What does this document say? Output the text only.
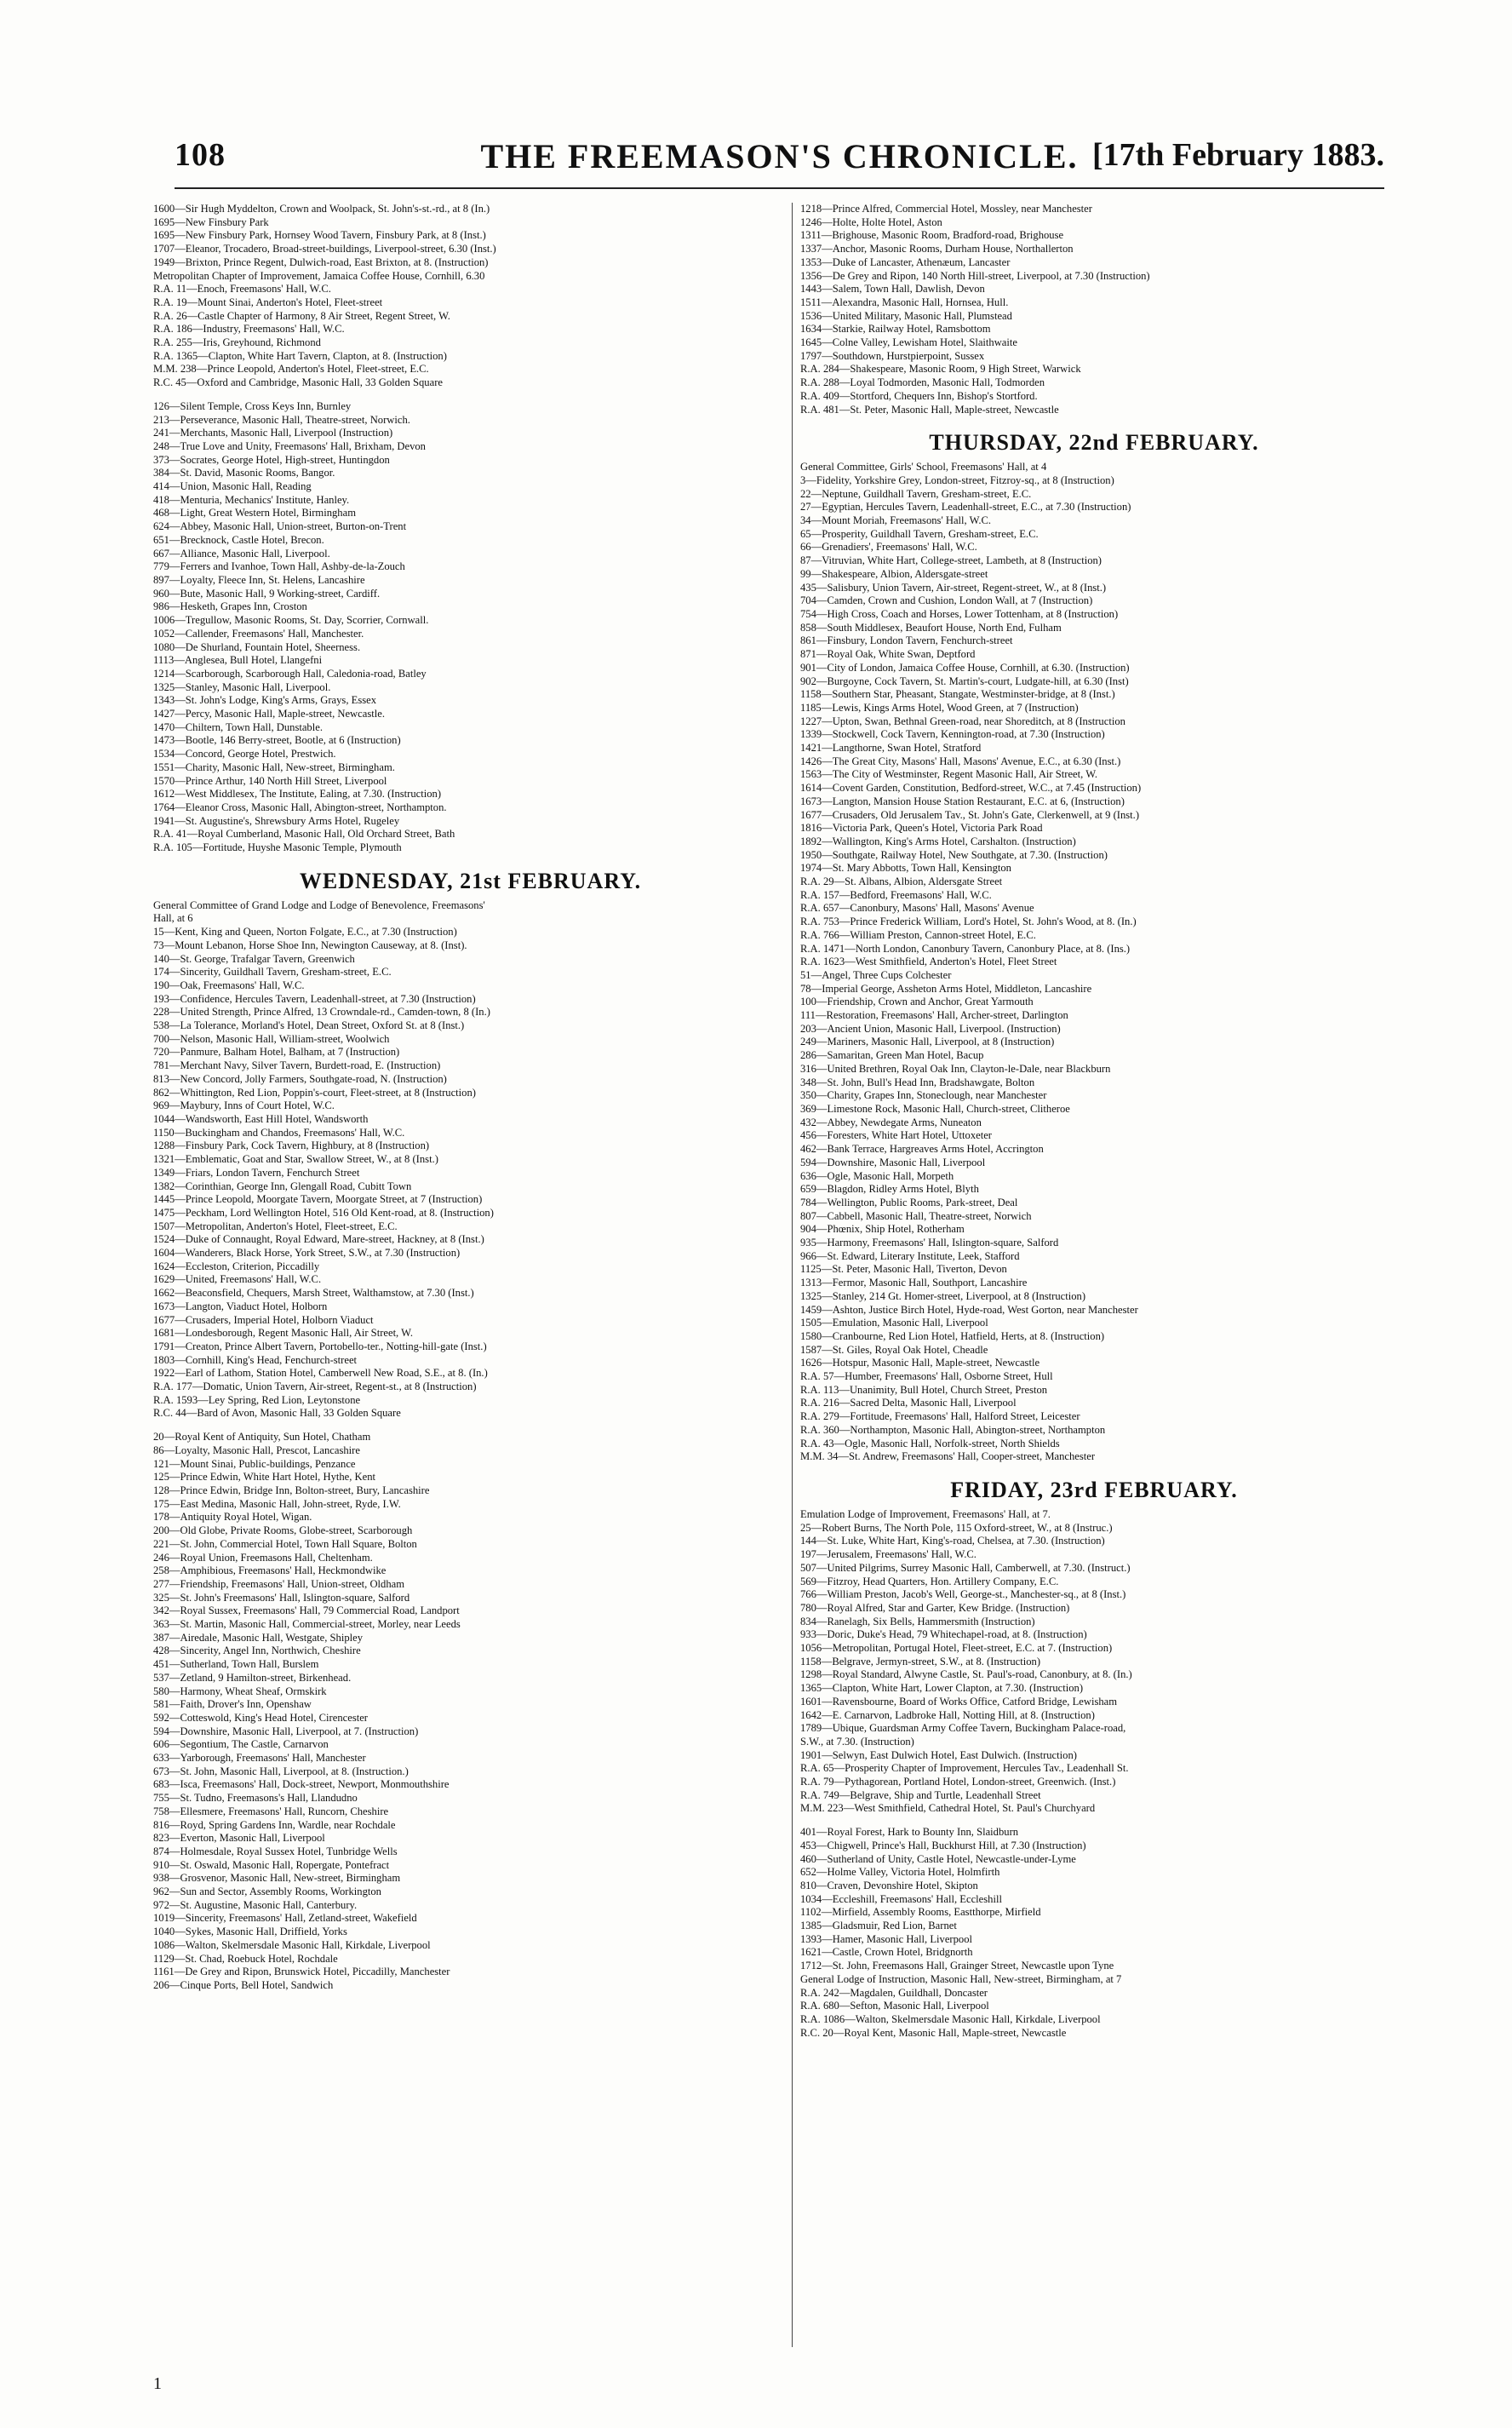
108	THE FREEMASON'S CHRONICLE. [17th February 1883.
1600—Sir Hugh Myddelton, Crown and Woolpack, St. John's-st.-rd., at 8 (In.)
1695—New Finsbury Park
1695—New Finsbury Park, Hornsey Wood Tavern, Finsbury Park, at 8 (Inst.)
1707—Eleanor, Trocadero, Broad-street-buildings, Liverpool-street, 6.30 (Inst.)
1949—Brixton, Prince Regent, Dulwich-road, East Brixton, at 8. (Instruction)
Metropolitan Chapter of Improvement, Jamaica Coffee House, Cornhill, 6.30
R.A. 11—Enoch, Freemasons' Hall, W.C.
R.A. 19—Mount Sinai, Anderton's Hotel, Fleet-street
R.A. 26—Castle Chapter of Harmony, 8 Air Street, Regent Street, W.
R.A. 186—Industry, Freemasons' Hall, W.C.
R.A. 255—Iris, Greyhound, Richmond
R.A. 1365—Clapton, White Hart Tavern, Clapton, at 8. (Instruction)
M.M. 238—Prince Leopold, Anderton's Hotel, Fleet-street, E.C.
R.C. 45—Oxford and Cambridge, Masonic Hall, 33 Golden Square
126—Silent Temple, Cross Keys Inn, Burnley
213—Perseverance, Masonic Hall, Theatre-street, Norwich.
241—Merchants, Masonic Hall, Liverpool (Instruction)
248—True Love and Unity, Freemasons' Hall, Brixham, Devon
373—Socrates, George Hotel, High-street, Huntingdon
384—St. David, Masonic Rooms, Bangor.
414—Union, Masonic Hall, Reading
418—Menturia, Mechanics' Institute, Hanley.
468—Light, Great Western Hotel, Birmingham
624—Abbey, Masonic Hall, Union-street, Burton-on-Trent
651—Brecknock, Castle Hotel, Brecon.
667—Alliance, Masonic Hall, Liverpool.
779—Ferrers and Ivanhoe, Town Hall, Ashby-de-la-Zouch
897—Loyalty, Fleece Inn, St. Helens, Lancashire
960—Bute, Masonic Hall, 9 Working-street, Cardiff.
986—Hesketh, Grapes Inn, Croston
1006—Tregullow, Masonic Rooms, St. Day, Scorrier, Cornwall.
1052—Callender, Freemasons' Hall, Manchester.
1080—De Shurland, Fountain Hotel, Sheerness.
1113—Anglesea, Bull Hotel, Llangefni
1214—Scarborough, Scarborough Hall, Caledonia-road, Batley
1325—Stanley, Masonic Hall, Liverpool.
1343—St. John's Lodge, King's Arms, Grays, Essex
1427—Percy, Masonic Hall, Maple-street, Newcastle.
1470—Chiltern, Town Hall, Dunstable.
1473—Bootle, 146 Berry-street, Bootle, at 6 (Instruction)
1534—Concord, George Hotel, Prestwich.
1551—Charity, Masonic Hall, New-street, Birmingham.
1570—Prince Arthur, 140 North Hill Street, Liverpool
1612—West Middlesex, The Institute, Ealing, at 7.30. (Instruction)
1764—Eleanor Cross, Masonic Hall, Abington-street, Northampton.
1941—St. Augustine's, Shrewsbury Arms Hotel, Rugeley
R.A. 41—Royal Cumberland, Masonic Hall, Old Orchard Street, Bath
R.A. 105—Fortitude, Huyshe Masonic Temple, Plymouth
WEDNESDAY, 21st FEBRUARY.
General Committee of Grand Lodge and Lodge of Benevolence, Freemasons'
Hall, at 6
15—Kent, King and Queen, Norton Folgate, E.C., at 7.30 (Instruction)
73—Mount Lebanon, Horse Shoe Inn, Newington Causeway, at 8. (Inst).
140—St. George, Trafalgar Tavern, Greenwich
174—Sincerity, Guildhall Tavern, Gresham-street, E.C.
190—Oak, Freemasons' Hall, W.C.
193—Confidence, Hercules Tavern, Leadenhall-street, at 7.30 (Instruction)
228—United Strength, Prince Alfred, 13 Crowndale-rd., Camden-town, 8 (In.)
538—La Tolerance, Morland's Hotel, Dean Street, Oxford St. at 8 (Inst.)
700—Nelson, Masonic Hall, William-street, Woolwich
720—Panmure, Balham Hotel, Balham, at 7 (Instruction)
781—Merchant Navy, Silver Tavern, Burdett-road, E. (Instruction)
813—New Concord, Jolly Farmers, Southgate-road, N. (Instruction)
862—Whittington, Red Lion, Poppin's-court, Fleet-street, at 8 (Instruction)
969—Maybury, Inns of Court Hotel, W.C.
1044—Wandsworth, East Hill Hotel, Wandsworth
1150—Buckingham and Chandos, Freemasons' Hall, W.C.
1288—Finsbury Park, Cock Tavern, Highbury, at 8 (Instruction)
1321—Emblematic, Goat and Star, Swallow Street, W., at 8 (Inst.)
1349—Friars, London Tavern, Fenchurch Street
1382—Corinthian, George Inn, Glengall Road, Cubitt Town
1445—Prince Leopold, Moorgate Tavern, Moorgate Street, at 7 (Instruction)
1475—Peckham, Lord Wellington Hotel, 516 Old Kent-road, at 8. (Instruction)
1507—Metropolitan, Anderton's Hotel, Fleet-street, E.C.
1524—Duke of Connaught, Royal Edward, Mare-street, Hackney, at 8 (Inst.)
1604—Wanderers, Black Horse, York Street, S.W., at 7.30 (Instruction)
1624—Eccleston, Criterion, Piccadilly
1629—United, Freemasons' Hall, W.C.
1662—Beaconsfield, Chequers, Marsh Street, Walthamstow, at 7.30 (Inst.)
1673—Langton, Viaduct Hotel, Holborn
1677—Crusaders, Imperial Hotel, Holborn Viaduct
1681—Londesborough, Regent Masonic Hall, Air Street, W.
1791—Creaton, Prince Albert Tavern, Portobello-ter., Notting-hill-gate (Inst.)
1803—Cornhill, King's Head, Fenchurch-street
1922—Earl of Lathom, Station Hotel, Camberwell New Road, S.E., at 8. (In.)
R.A. 177—Domatic, Union Tavern, Air-street, Regent-st., at 8 (Instruction)
R.A. 1593—Ley Spring, Red Lion, Leytonstone
R.C. 44—Bard of Avon, Masonic Hall, 33 Golden Square
20—Royal Kent of Antiquity, Sun Hotel, Chatham
86—Loyalty, Masonic Hall, Prescot, Lancashire
121—Mount Sinai, Public-buildings, Penzance
125—Prince Edwin, White Hart Hotel, Hythe, Kent
128—Prince Edwin, Bridge Inn, Bolton-street, Bury, Lancashire
175—East Medina, Masonic Hall, John-street, Ryde, I.W.
178—Antiquity Royal Hotel, Wigan.
200—Old Globe, Private Rooms, Globe-street, Scarborough
221—St. John, Commercial Hotel, Town Hall Square, Bolton
246—Royal Union, Freemasons Hall, Cheltenham.
258—Amphibious, Freemasons' Hall, Heckmondwike
277—Friendship, Freemasons' Hall, Union-street, Oldham
325—St. John's Freemasons' Hall, Islington-square, Salford
342—Royal Sussex, Freemasons' Hall, 79 Commercial Road, Landport
363—St. Martin, Masonic Hall, Commercial-street, Morley, near Leeds
387—Airedale, Masonic Hall, Westgate, Shipley
428—Sincerity, Angel Inn, Northwich, Cheshire
451—Sutherland, Town Hall, Burslem
537—Zetland, 9 Hamilton-street, Birkenhead.
580—Harmony, Wheat Sheaf, Ormskirk
581—Faith, Drover's Inn, Openshaw
592—Cotteswold, King's Head Hotel, Cirencester
594—Downshire, Masonic Hall, Liverpool, at 7. (Instruction)
606—Segontium, The Castle, Carnarvon
633—Yarborough, Freemasons' Hall, Manchester
673—St. John, Masonic Hall, Liverpool, at 8. (Instruction.)
683—Isca, Freemasons' Hall, Dock-street, Newport, Monmouthshire
755—St. Tudno, Freemasons's Hall, Llandudno
758—Ellesmere, Freemasons' Hall, Runcorn, Cheshire
816—Royd, Spring Gardens Inn, Wardle, near Rochdale
823—Everton, Masonic Hall, Liverpool
874—Holmesdale, Royal Sussex Hotel, Tunbridge Wells
910—St. Oswald, Masonic Hall, Ropergate, Pontefract
938—Grosvenor, Masonic Hall, New-street, Birmingham
962—Sun and Sector, Assembly Rooms, Workington
972—St. Augustine, Masonic Hall, Canterbury.
1019—Sincerity, Freemasons' Hall, Zetland-street, Wakefield
1040—Sykes, Masonic Hall, Driffield, Yorks
1086—Walton, Skelmersdale Masonic Hall, Kirkdale, Liverpool
1129—St. Chad, Roebuck Hotel, Rochdale
1161—De Grey and Ripon, Brunswick Hotel, Piccadilly, Manchester
206—Cinque Ports, Bell Hotel, Sandwich
1218—Prince Alfred, Commercial Hotel, Mossley, near Manchester
1246—Holte, Holte Hotel, Aston
1311—Brighouse, Masonic Room, Bradford-road, Brighouse
1337—Anchor, Masonic Rooms, Durham House, Northallerton
1353—Duke of Lancaster, Athenæum, Lancaster
1356—De Grey and Ripon, 140 North Hill-street, Liverpool, at 7.30 (Instruction)
1443—Salem, Town Hall, Dawlish, Devon
1511—Alexandra, Masonic Hall, Hornsea, Hull.
1536—United Military, Masonic Hall, Plumstead
1634—Starkie, Railway Hotel, Ramsbottom
1645—Colne Valley, Lewisham Hotel, Slaithwaite
1797—Southdown, Hurstpierpoint, Sussex
R.A. 284—Shakespeare, Masonic Room, 9 High Street, Warwick
R.A. 288—Loyal Todmorden, Masonic Hall, Todmorden
R.A. 409—Stortford, Chequers Inn, Bishop's Stortford.
R.A. 481—St. Peter, Masonic Hall, Maple-street, Newcastle
THURSDAY, 22nd FEBRUARY.
General Committee, Girls' School, Freemasons' Hall, at 4
3—Fidelity, Yorkshire Grey, London-street, Fitzroy-sq., at 8 (Instruction)
22—Neptune, Guildhall Tavern, Gresham-street, E.C.
27—Egyptian, Hercules Tavern, Leadenhall-street, E.C., at 7.30 (Instruction)
34—Mount Moriah, Freemasons' Hall, W.C.
65—Prosperity, Guildhall Tavern, Gresham-street, E.C.
66—Grenadiers', Freemasons' Hall, W.C.
87—Vitruvian, White Hart, College-street, Lambeth, at 8 (Instruction)
99—Shakespeare, Albion, Aldersgate-street
435—Salisbury, Union Tavern, Air-street, Regent-street, W., at 8 (Inst.)
704—Camden, Crown and Cushion, London Wall, at 7 (Instruction)
754—High Cross, Coach and Horses, Lower Tottenham, at 8 (Instruction)
858—South Middlesex, Beaufort House, North End, Fulham
861—Finsbury, London Tavern, Fenchurch-street
871—Royal Oak, White Swan, Deptford
901—City of London, Jamaica Coffee House, Cornhill, at 6.30. (Instruction)
902—Burgoyne, Cock Tavern, St. Martin's-court, Ludgate-hill, at 6.30 (Inst)
1158—Southern Star, Pheasant, Stangate, Westminster-bridge, at 8 (Inst.)
1185—Lewis, Kings Arms Hotel, Wood Green, at 7 (Instruction)
1227—Upton, Swan, Bethnal Green-road, near Shoreditch, at 8 (Instruction
1339—Stockwell, Cock Tavern, Kennington-road, at 7.30 (Instruction)
1421—Langthorne, Swan Hotel, Stratford
1426—The Great City, Masons' Hall, Masons' Avenue, E.C., at 6.30 (Inst.)
1563—The City of Westminster, Regent Masonic Hall, Air Street, W.
1614—Covent Garden, Constitution, Bedford-street, W.C., at 7.45 (Instruction)
1673—Langton, Mansion House Station Restaurant, E.C. at 6, (Instruction)
1677—Crusaders, Old Jerusalem Tav., St. John's Gate, Clerkenwell, at 9 (Inst.)
1816—Victoria Park, Queen's Hotel, Victoria Park Road
1892—Wallington, King's Arms Hotel, Carshalton. (Instruction)
1950—Southgate, Railway Hotel, New Southgate, at 7.30. (Instruction)
1974—St. Mary Abbotts, Town Hall, Kensington
R.A. 29—St. Albans, Albion, Aldersgate Street
R.A. 157—Bedford, Freemasons' Hall, W.C.
R.A. 657—Canonbury, Masons' Hall, Masons' Avenue
R.A. 753—Prince Frederick William, Lord's Hotel, St. John's Wood, at 8. (In.)
R.A. 766—William Preston, Cannon-street Hotel, E.C.
R.A. 1471—North London, Canonbury Tavern, Canonbury Place, at 8. (Ins.)
R.A. 1623—West Smithfield, Anderton's Hotel, Fleet Street
51—Angel, Three Cups Colchester
78—Imperial George, Assheton Arms Hotel, Middleton, Lancashire
100—Friendship, Crown and Anchor, Great Yarmouth
111—Restoration, Freemasons' Hall, Archer-street, Darlington
203—Ancient Union, Masonic Hall, Liverpool. (Instruction)
249—Mariners, Masonic Hall, Liverpool, at 8 (Instruction)
286—Samaritan, Green Man Hotel, Bacup
316—United Brethren, Royal Oak Inn, Clayton-le-Dale, near Blackburn
348—St. John, Bull's Head Inn, Bradshawgate, Bolton
350—Charity, Grapes Inn, Stoneclough, near Manchester
369—Limestone Rock, Masonic Hall, Church-street, Clitheroe
432—Abbey, Newdegate Arms, Nuneaton
456—Foresters, White Hart Hotel, Uttoxeter
462—Bank Terrace, Hargreaves Arms Hotel, Accrington
594—Downshire, Masonic Hall, Liverpool
636—Ogle, Masonic Hall, Morpeth
659—Blagdon, Ridley Arms Hotel, Blyth
784—Wellington, Public Rooms, Park-street, Deal
807—Cabbell, Masonic Hall, Theatre-street, Norwich
904—Phœnix, Ship Hotel, Rotherham
935—Harmony, Freemasons' Hall, Islington-square, Salford
966—St. Edward, Literary Institute, Leek, Stafford
1125—St. Peter, Masonic Hall, Tiverton, Devon
1313—Fermor, Masonic Hall, Southport, Lancashire
1325—Stanley, 214 Gt. Homer-street, Liverpool, at 8 (Instruction)
1459—Ashton, Justice Birch Hotel, Hyde-road, West Gorton, near Manchester
1505—Emulation, Masonic Hall, Liverpool
1580—Cranbourne, Red Lion Hotel, Hatfield, Herts, at 8. (Instruction)
1587—St. Giles, Royal Oak Hotel, Cheadle
1626—Hotspur, Masonic Hall, Maple-street, Newcastle
R.A. 57—Humber, Freemasons' Hall, Osborne Street, Hull
R.A. 113—Unanimity, Bull Hotel, Church Street, Preston
R.A. 216—Sacred Delta, Masonic Hall, Liverpool
R.A. 279—Fortitude, Freemasons' Hall, Halford Street, Leicester
R.A. 360—Northampton, Masonic Hall, Abington-street, Northampton
R.A. 43—Ogle, Masonic Hall, Norfolk-street, North Shields
M.M. 34—St. Andrew, Freemasons' Hall, Cooper-street, Manchester
FRIDAY, 23rd FEBRUARY.
Emulation Lodge of Improvement, Freemasons' Hall, at 7.
25—Robert Burns, The North Pole, 115 Oxford-street, W., at 8 (Instruc.)
144—St. Luke, White Hart, King's-road, Chelsea, at 7.30. (Instruction)
197—Jerusalem, Freemasons' Hall, W.C.
507—United Pilgrims, Surrey Masonic Hall, Camberwell, at 7.30. (Instruct.)
569—Fitzroy, Head Quarters, Hon. Artillery Company, E.C.
766—William Preston, Jacob's Well, George-st., Manchester-sq., at 8 (Inst.)
780—Royal Alfred, Star and Garter, Kew Bridge. (Instruction)
834—Ranelagh, Six Bells, Hammersmith (Instruction)
933—Doric, Duke's Head, 79 Whitechapel-road, at 8. (Instruction)
1056—Metropolitan, Portugal Hotel, Fleet-street, E.C. at 7. (Instruction)
1158—Belgrave, Jermyn-street, S.W., at 8. (Instruction)
1298—Royal Standard, Alwyne Castle, St. Paul's-road, Canonbury, at 8. (In.)
1365—Clapton, White Hart, Lower Clapton, at 7.30. (Instruction)
1601—Ravensbourne, Board of Works Office, Catford Bridge, Lewisham
1642—E. Carnarvon, Ladbroke Hall, Notting Hill, at 8. (Instruction)
1789—Ubique, Guardsman Army Coffee Tavern, Buckingham Palace-road,
S.W., at 7.30. (Instruction)
1901—Selwyn, East Dulwich Hotel, East Dulwich. (Instruction)
R.A. 65—Prosperity Chapter of Improvement, Hercules Tav., Leadenhall St.
R.A. 79—Pythagorean, Portland Hotel, London-street, Greenwich. (Inst.)
R.A. 749—Belgrave, Ship and Turtle, Leadenhall Street
M.M. 223—West Smithfield, Cathedral Hotel, St. Paul's Churchyard
401—Royal Forest, Hark to Bounty Inn, Slaidburn
453—Chigwell, Prince's Hall, Buckhurst Hill, at 7.30 (Instruction)
460—Sutherland of Unity, Castle Hotel, Newcastle-under-Lyme
652—Holme Valley, Victoria Hotel, Holmfirth
810—Craven, Devonshire Hotel, Skipton
1034—Eccleshill, Freemasons' Hall, Eccleshill
1102—Mirfield, Assembly Rooms, Eastthorpe, Mirfield
1385—Gladsmuir, Red Lion, Barnet
1393—Hamer, Masonic Hall, Liverpool
1621—Castle, Crown Hotel, Bridgnorth
1712—St. John, Freemasons Hall, Grainger Street, Newcastle upon Tyne
General Lodge of Instruction, Masonic Hall, New-street, Birmingham, at 7
R.A. 242—Magdalen, Guildhall, Doncaster
R.A. 680—Sefton, Masonic Hall, Liverpool
R.A. 1086—Walton, Skelmersdale Masonic Hall, Kirkdale, Liverpool
R.C. 20—Royal Kent, Masonic Hall, Maple-street, Newcastle
1
